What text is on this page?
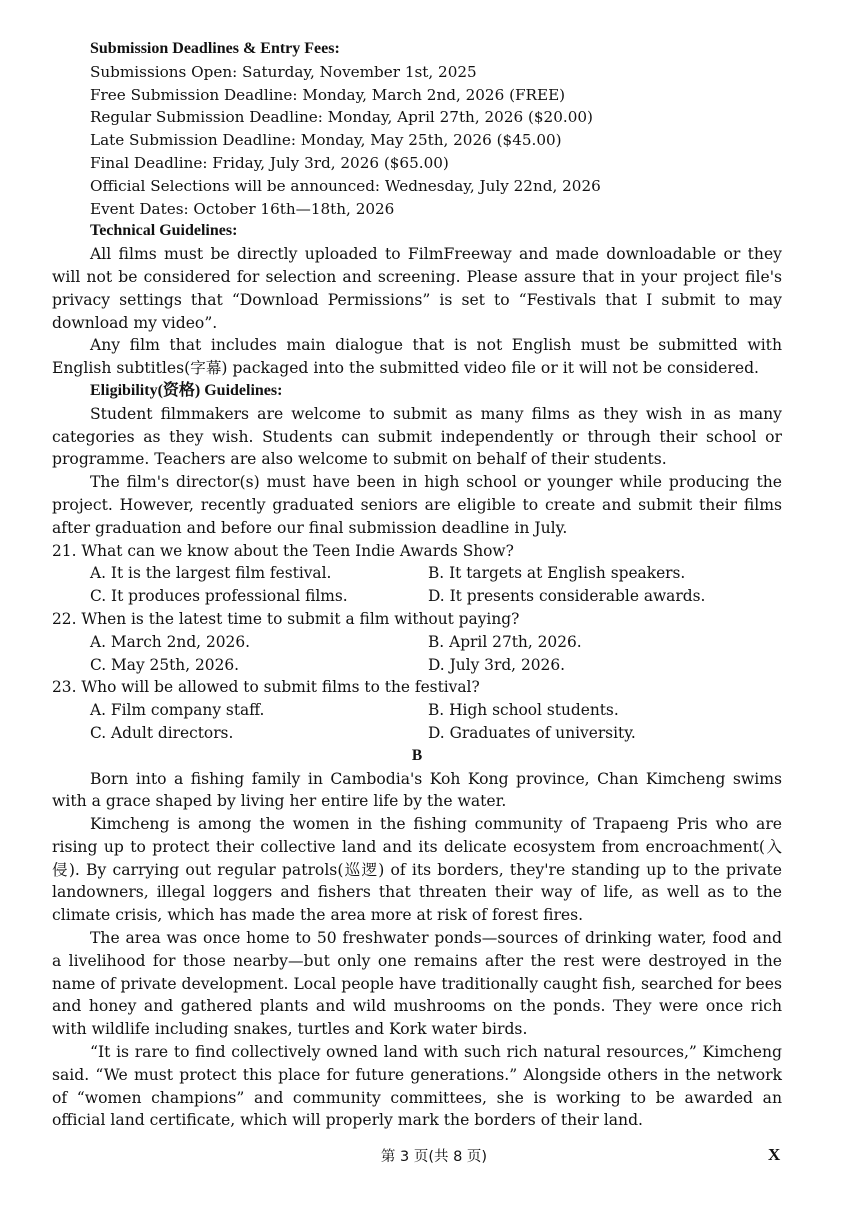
Submission Deadlines & Entry Fees:
Submissions Open: Saturday, November 1st, 2025
Free Submission Deadline: Monday, March 2nd, 2026 (FREE)
Regular Submission Deadline: Monday, April 27th, 2026 ($20.00)
Late Submission Deadline: Monday, May 25th, 2026 ($45.00)
Final Deadline: Friday, July 3rd, 2026 ($65.00)
Official Selections will be announced: Wednesday, July 22nd, 2026
Event Dates: October 16th—18th, 2026
Technical Guidelines:

All films must be directly uploaded to FilmFreeway and made downloadable or they will not be considered for selection and screening. Please assure that in your project file's privacy settings that “Download Permissions” is set to “Festivals that I submit to may download my video”.

Any film that includes main dialogue that is not English must be submitted with English subtitles(字幕) packaged into the submitted video file or it will not be considered.

Eligibility(资格) Guidelines:

Student filmmakers are welcome to submit as many films as they wish in as many categories as they wish. Students can submit independently or through their school or programme. Teachers are also welcome to submit on behalf of their students.

The film's director(s) must have been in high school or younger while producing the project. However, recently graduated seniors are eligible to create and submit their films after graduation and before our final submission deadline in July.

21. What can we know about the Teen Indie Awards Show?
A. It is the largest film festival.	B. It targets at English speakers.
C. It produces professional films.	D. It presents considerable awards.
22. When is the latest time to submit a film without paying?
A. March 2nd, 2026.	B. April 27th, 2026.
C. May 25th, 2026.	D. July 3rd, 2026.
23. Who will be allowed to submit films to the festival?
A. Film company staff.	B. High school students.
C. Adult directors.	D. Graduates of university.
B

Born into a fishing family in Cambodia's Koh Kong province, Chan Kimcheng swims with a grace shaped by living her entire life by the water.

Kimcheng is among the women in the fishing community of Trapaeng Pris who are rising up to protect their collective land and its delicate ecosystem from encroachment(入侵). By carrying out regular patrols(巡逻) of its borders, they're standing up to the private landowners, illegal loggers and fishers that threaten their way of life, as well as to the climate crisis, which has made the area more at risk of forest fires.

The area was once home to 50 freshwater ponds—sources of drinking water, food and a livelihood for those nearby—but only one remains after the rest were destroyed in the name of private development. Local people have traditionally caught fish, searched for bees and honey and gathered plants and wild mushrooms on the ponds. They were once rich with wildlife including snakes, turtles and Kork water birds.

“It is rare to find collectively owned land with such rich natural resources,” Kimcheng said. “We must protect this place for future generations.” Alongside others in the network of “women champions” and community committees, she is working to be awarded an official land certificate, which will properly mark the borders of their land.

第 3 页(共 8 页)	X
